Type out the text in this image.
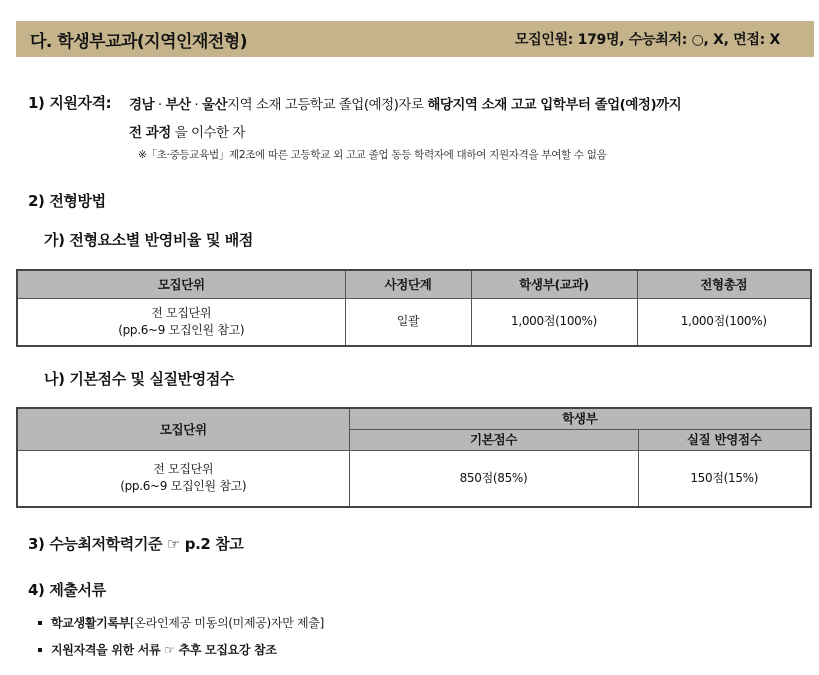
다. 학생부교과(지역인재전형)	모집인원: 179명, 수능최저: ○, X, 면접: X
1) 지원자격: 경남 · 부산 · 울산지역 소재 고등학교 졸업(예정)자로 해당지역 소재 고교 입학부터 졸업(예정)까지
전 과정 을 이수한 자
※「초·중등교육법」제2조에 따른 고등학교 외 고교 졸업 동등 학력자에 대하여 지원자격을 부여할 수 없음
2) 전형방법
가) 전형요소별 반영비율 및 배점
모집단위	사정단계	학생부(교과)	전형총점

전 모집단위
(pp.6~9 모집인원 참고)	일괄	1,000점(100%)	1,000점(100%)
나) 기본점수 및 실질반영점수
모집단위	학생부	
	기본점수	실질 반영점수

전 모집단위
(pp.6~9 모집인원 참고)	850점(85%)	150점(15%)
3) 수능최저학력기준 ☞ p.2 참고
4) 제출서류
학교생활기록부[온라인제공 미동의(미제공)자만 제출]
지원자격을 위한 서류 ☞ 추후 모집요강 참조
